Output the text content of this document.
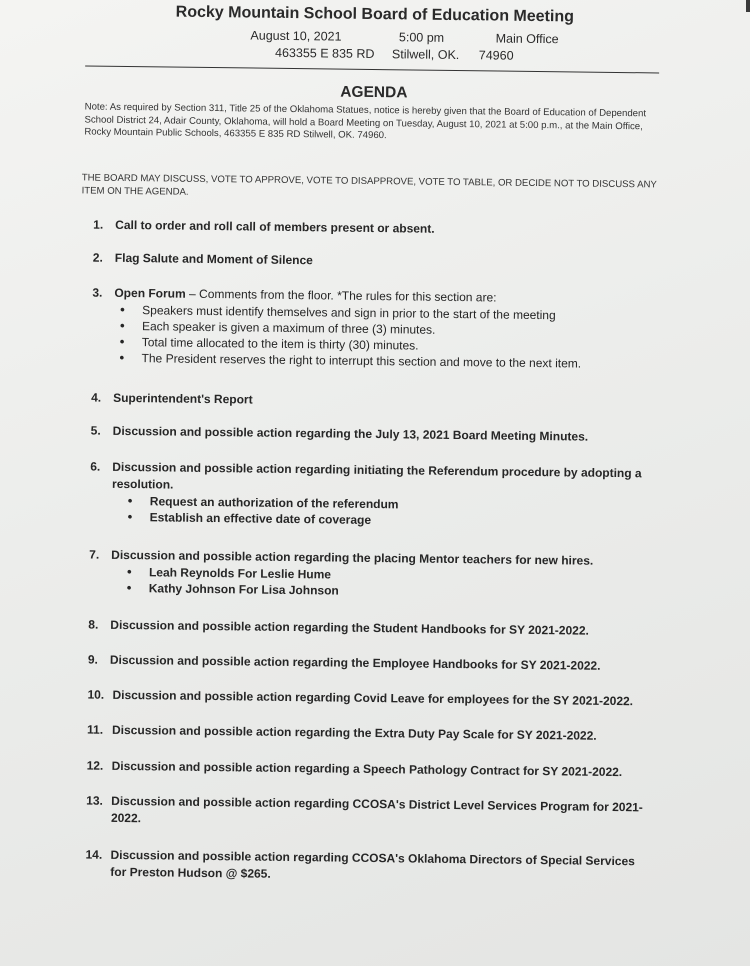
Rocky Mountain School Board of Education Meeting
August 10, 2021	5:00 pm	Main Office
463355 E 835 RD Stilwell, OK. 74960
AGENDA
Note: As required by Section 311, Title 25 of the Oklahoma Statues, notice is hereby given that the Board of Education of Dependent School District 24, Adair County, Oklahoma, will hold a Board Meeting on Tuesday, August 10, 2021 at 5:00 p.m., at the Main Office, Rocky Mountain Public Schools, 463355 E 835 RD Stilwell, OK. 74960.
THE BOARD MAY DISCUSS, VOTE TO APPROVE, VOTE TO DISAPPROVE, VOTE TO TABLE, OR DECIDE NOT TO DISCUSS ANY ITEM ON THE AGENDA.
1. Call to order and roll call of members present or absent.
2. Flag Salute and Moment of Silence
3. Open Forum – Comments from the floor. *The rules for this section are:
• Speakers must identify themselves and sign in prior to the start of the meeting
• Each speaker is given a maximum of three (3) minutes.
• Total time allocated to the item is thirty (30) minutes.
• The President reserves the right to interrupt this section and move to the next item.
4. Superintendent's Report
5. Discussion and possible action regarding the July 13, 2021 Board Meeting Minutes.
6. Discussion and possible action regarding initiating the Referendum procedure by adopting a resolution.
• Request an authorization of the referendum
• Establish an effective date of coverage
7. Discussion and possible action regarding the placing Mentor teachers for new hires.
• Leah Reynolds For Leslie Hume
• Kathy Johnson For Lisa Johnson
8. Discussion and possible action regarding the Student Handbooks for SY 2021-2022.
9. Discussion and possible action regarding the Employee Handbooks for SY 2021-2022.
10. Discussion and possible action regarding Covid Leave for employees for the SY 2021-2022.
11. Discussion and possible action regarding the Extra Duty Pay Scale for SY 2021-2022.
12. Discussion and possible action regarding a Speech Pathology Contract for SY 2021-2022.
13. Discussion and possible action regarding CCOSA's District Level Services Program for 2021-2022.
14. Discussion and possible action regarding CCOSA's Oklahoma Directors of Special Services for Preston Hudson @ $265.
